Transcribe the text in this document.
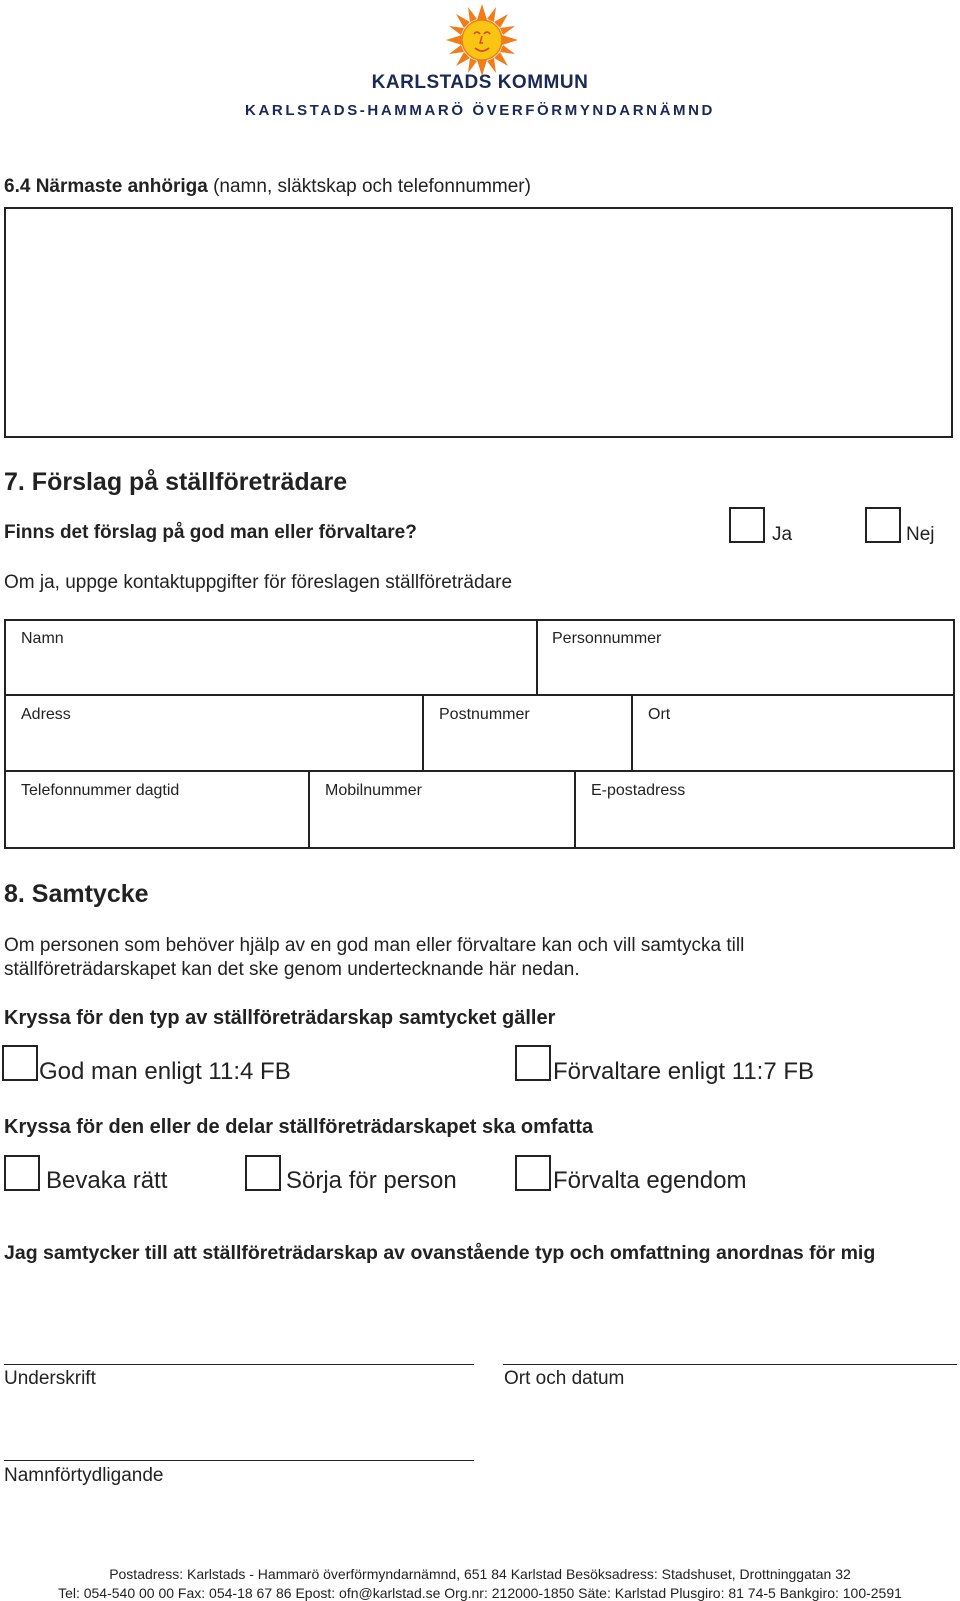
KARLSTADS KOMMUN
KARLSTADS-HAMMARÖ ÖVERFÖRMYNDARNÄMND
6.4 Närmaste anhöriga (namn, släktskap och telefonnummer)
7. Förslag på ställföreträdare
Finns det förslag på god man eller förvaltare?	Ja	Nej
Om ja, uppge kontaktuppgifter för föreslagen ställföreträdare
Namn	Personnummer
Adress	Postnummer	Ort
Telefonnummer dagtid	Mobilnummer	E-postadress
8. Samtycke
Om personen som behöver hjälp av en god man eller förvaltare kan och vill samtycka till
ställföreträdarskapet kan det ske genom undertecknande här nedan.
Kryssa för den typ av ställföreträdarskap samtycket gäller
God man enligt 11:4 FB	Förvaltare enligt 11:7 FB
Kryssa för den eller de delar ställföreträdarskapet ska omfatta
Bevaka rätt	Sörja för person	Förvalta egendom
Jag samtycker till att ställföreträdarskap av ovanstående typ och omfattning anordnas för mig
Underskrift	Ort och datum
Namnförtydligande
Postadress: Karlstads - Hammarö överförmyndarnämnd, 651 84 Karlstad Besöksadress: Stadshuset, Drottninggatan 32
Tel: 054-540 00 00 Fax: 054-18 67 86 Epost: ofn@karlstad.se Org.nr: 212000-1850 Säte: Karlstad Plusgiro: 81 74-5 Bankgiro: 100-2591
